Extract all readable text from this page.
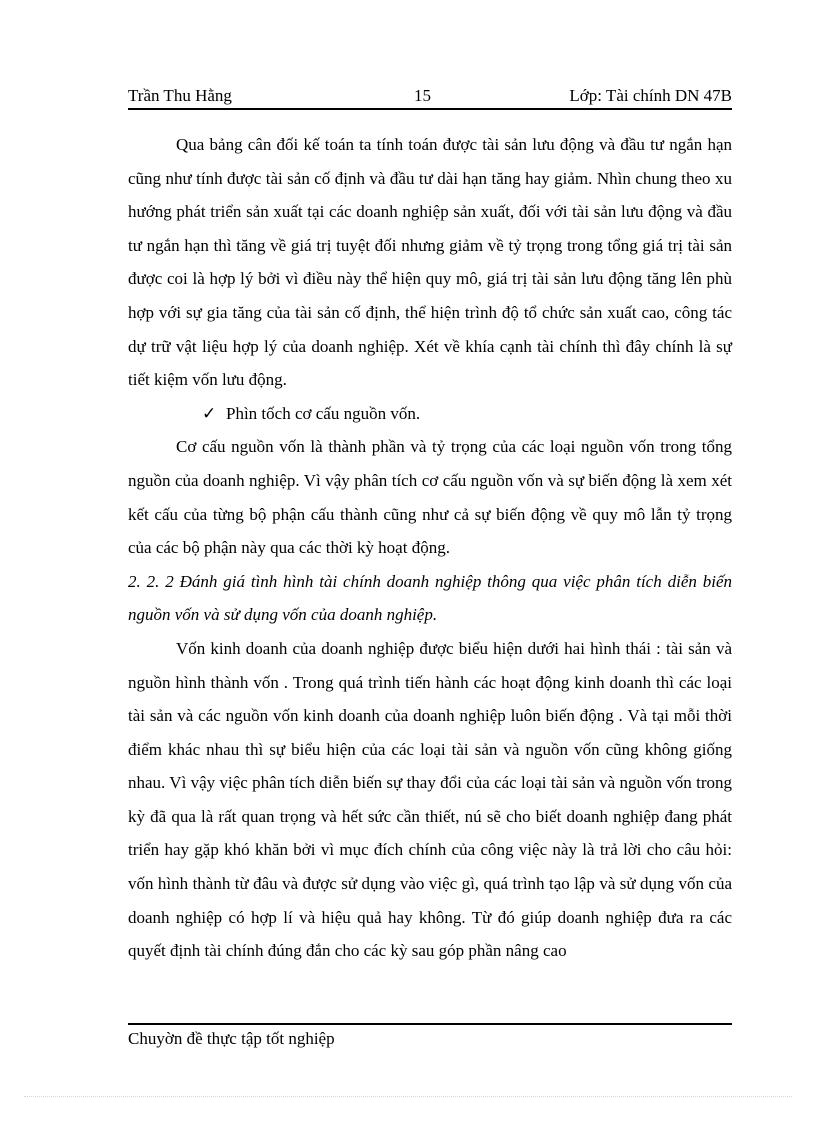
Trần Thu Hằng	15	Lớp: Tài chính DN 47B

Qua bảng cân đối kế toán ta tính toán được tài sản lưu động và đầu tư ngắn hạn cũng như tính được tài sản cố định và đầu tư dài hạn tăng hay giảm. Nhìn chung theo xu hướng phát triển sản xuất tại các doanh nghiệp sản xuất, đối với tài sản lưu động và đầu tư ngắn hạn thì tăng về giá trị tuyệt đối nhưng giảm về tỷ trọng trong tổng giá trị tài sản được coi là hợp lý bởi vì điều này thể hiện quy mô, giá trị tài sản lưu động tăng lên phù hợp với sự gia tăng của tài sản cố định, thể hiện trình độ tổ chức sản xuất cao, công tác dự trữ vật liệu hợp lý của doanh nghiệp. Xét về khía cạnh tài chính thì đây chính là sự tiết kiệm vốn lưu động.

✓ Phìn tốch cơ cấu nguồn vốn.

Cơ cấu nguồn vốn là thành phần và tỷ trọng của các loại nguồn vốn trong tổng nguồn của doanh nghiệp. Vì vậy phân tích cơ cấu nguồn vốn và sự biến động là xem xét kết cấu của từng bộ phận cấu thành cũng như cả sự biến động về quy mô lẫn tỷ trọng của các bộ phận này qua các thời kỳ hoạt động.

2. 2. 2 Đánh giá tình hình tài chính doanh nghiệp thông qua việc phân tích diễn biến nguồn vốn và sử dụng vốn của doanh nghiệp.

Vốn kinh doanh của doanh nghiệp được biểu hiện dưới hai hình thái : tài sản và nguồn hình thành vốn . Trong quá trình tiến hành các hoạt động kinh doanh thì các loại tài sản và các nguồn vốn kinh doanh của doanh nghiệp luôn biến động . Và tại mỗi thời điểm khác nhau thì sự biểu hiện của các loại tài sản và nguồn vốn cũng không giống nhau. Vì vậy việc phân tích diễn biến sự thay đổi của các loại tài sản và nguồn vốn trong kỳ đã qua là rất quan trọng và hết sức cần thiết, nú sẽ cho biết doanh nghiệp đang phát triển hay gặp khó khăn bởi vì mục đích chính của công việc này là trả lời cho câu hỏi: vốn hình thành từ đâu và được sử dụng vào việc gì, quá trình tạo lập và sử dụng vốn của doanh nghiệp có hợp lí và hiệu quả hay không. Từ đó giúp doanh nghiệp đưa ra các quyết định tài chính đúng đắn cho các kỳ sau góp phần nâng cao

Chuyờn đề thực tập tốt nghiệp
